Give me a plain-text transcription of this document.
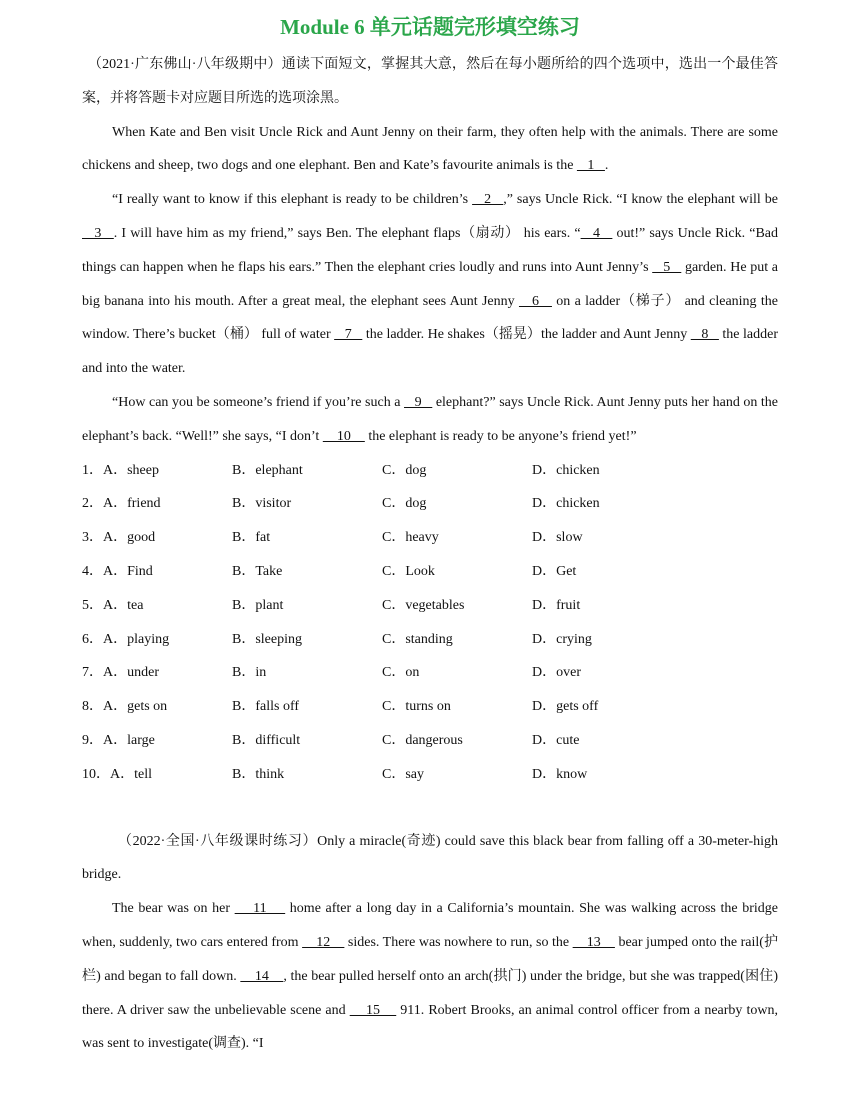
Module 6 单元话题完形填空练习

（2021·广东佛山·八年级期中）通读下面短文，掌握其大意，然后在每小题所给的四个选项中，选出一个最佳答案，并将答题卡对应题目所选的选项涂黑。

When Kate and Ben visit Uncle Rick and Aunt Jenny on their farm, they often help with the animals. There are some chickens and sheep, two dogs and one elephant. Ben and Kate’s favourite animals is the    1   .

“I really want to know if this elephant is ready to be children’s    2   ,” says Uncle Rick. “I know the elephant will be    3   . I will have him as my friend,” says Ben. The elephant flaps（扇动） his ears. “   4    out!” says Uncle Rick. “Bad things can happen when he flaps his ears.” Then the elephant cries loudly and runs into Aunt Jenny’s    5    garden. He put a big banana into his mouth. After a great meal, the elephant sees Aunt Jenny    6    on a ladder（梯子） and cleaning the window. There’s bucket（桶） full of water    7    the ladder. He shakes（摇晃）the ladder and Aunt Jenny    8    the ladder and into the water.

“How can you be someone’s friend if you’re such a    9    elephant?” says Uncle Rick. Aunt Jenny puts her hand on the elephant’s back. “Well!” she says, “I don’t     10     the elephant is ready to be anyone’s friend yet!”

1．A．sheep	B．elephant	C．dog	D．chicken
2．A．friend	B．visitor	C．dog	D．chicken
3．A．good	B．fat	C．heavy	D．slow
4．A．Find	B．Take	C．Look	D．Get
5．A．tea	B．plant	C．vegetables	D．fruit
6．A．playing	B．sleeping	C．standing	D．crying
7．A．under	B．in	C．on	D．over
8．A．gets on	B．falls off	C．turns on	D．gets off
9．A．large	B．difficult	C．dangerous	D．cute
10．A．tell	B．think	C．say	D．know

（2022·全国·八年级课时练习）Only a miracle(奇迹) could save this black bear from falling off a 30-meter-high bridge.

The bear was on her     11     home after a long day in a California’s mountain. She was walking across the bridge when, suddenly, two cars entered from     12     sides. There was nowhere to run, so the     13     bear jumped onto the rail(护栏) and began to fall down.     14    , the bear pulled herself onto an arch(拱门) under the bridge, but she was trapped(困住) there. A driver saw the unbelievable scene and     15     911. Robert Brooks, an animal control officer from a nearby town, was sent to investigate(调查). “I
